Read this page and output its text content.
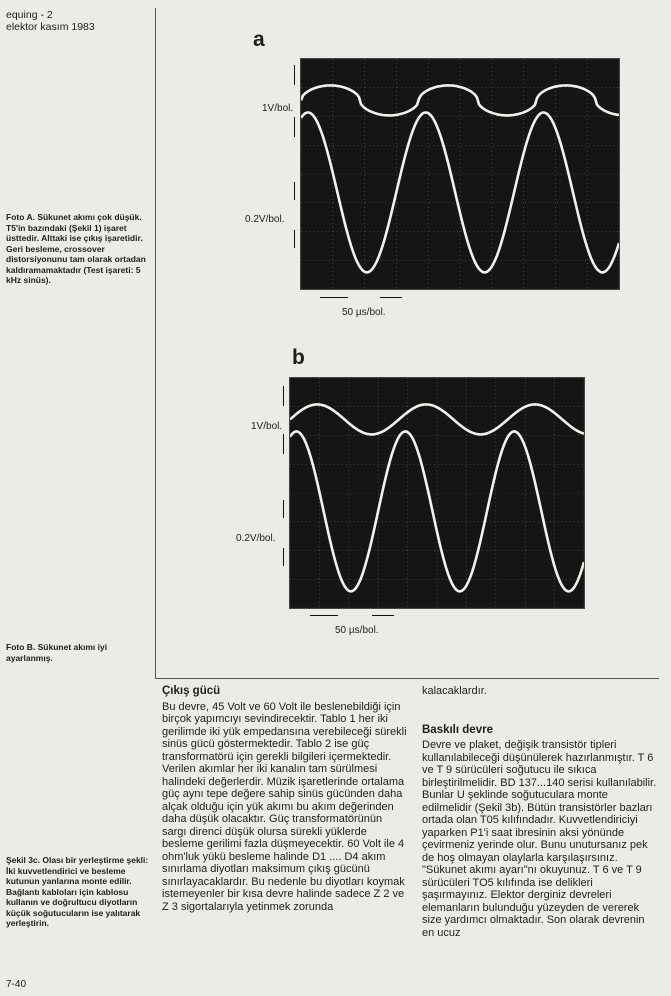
equing - 2
elektor kasım 1983
a
1V/bol.
0.2V/bol.
50 µs/bol.
b
1V/bol.
0.2V/bol.
50 µs/bol.
Foto A. Sükunet akımı çok düşük. T5'in bazındaki (Şekil 1) işaret üsttedir. Alttaki ise çıkış işaretidir. Geri besleme, crossover distorsiyonunu tam olarak ortadan kaldıramamaktadır (Test işareti: 5 kHz sinüs).
Foto B. Sükunet akımı iyi ayarlanmış.
Şekil 3c. Olası bir yerleştirme şekli: İki kuvvetlendirici ve besleme kutunun yanlarına monte edilir. Bağlantı kabloları için kablosu kullanın ve doğrultucu diyotların küçük soğutucuların ise yalıtarak yerleştirin.
Çıkış gücü
Bu devre, 45 Volt ve 60 Volt ile beslenebildiği için birçok yapımcıyı sevindirecektir. Tablo 1 her iki gerilimde iki yük empedansına verebileceği sürekli sinüs gücü göstermektedir. Tablo 2 ise güç transformatörü için gerekli bilgileri içermektedir. Verilen akımlar her iki kanalın tam sürülmesi halindeki değerlerdir. Müzik işaretlerinde ortalama güç aynı tepe değere sahip sinüs gücünden daha alçak olduğu için yük akımı bu akım değerinden daha düşük olacaktır. Güç transformatörünün sargı direnci düşük olursa sürekli yüklerde besleme gerilimi fazla düşmeyecektir. 60 Volt ile 4 ohm'luk yükü besleme halinde D1 .... D4 akım sınırlama diyotları maksimum çıkış gücünü sınırlayacaklardır. Bu nedenle bu diyotları koymak istemeyenler bir kısa devre halinde sadece Z 2 ve Z 3 sigortalarıyla yetinmek zorunda
kalacaklardır.
Baskılı devre
Devre ve plaket, değişik transistör tipleri kullanılabileceği düşünülerek hazırlanmıştır. T 6 ve T 9 sürücüleri soğutucu ile sıkıca birleştirilmelidir. BD 137...140 serisi kullanılabilir. Bunlar U şeklinde soğutuculara monte edilmelidir (Şekil 3b). Bütün transistörler bazları ortada olan T05 kılıfındadır. Kuvvetlendiriciyi yaparken P1'i saat ibresinin aksi yönünde çevirmeniz yerinde olur. Bunu unutursanız pek de hoş olmayan olaylarla karşılaşırsınız. "Sükunet akımı ayarı"nı okuyunuz. T 6 ve T 9 sürücüleri TO5 kılıfında ise delikleri şaşırmayınız. Elektor derginiz devreleri elemanların bulunduğu yüzeyden de vererek size yardımcı olmaktadır. Son olarak devrenin en ucuz
7-40
